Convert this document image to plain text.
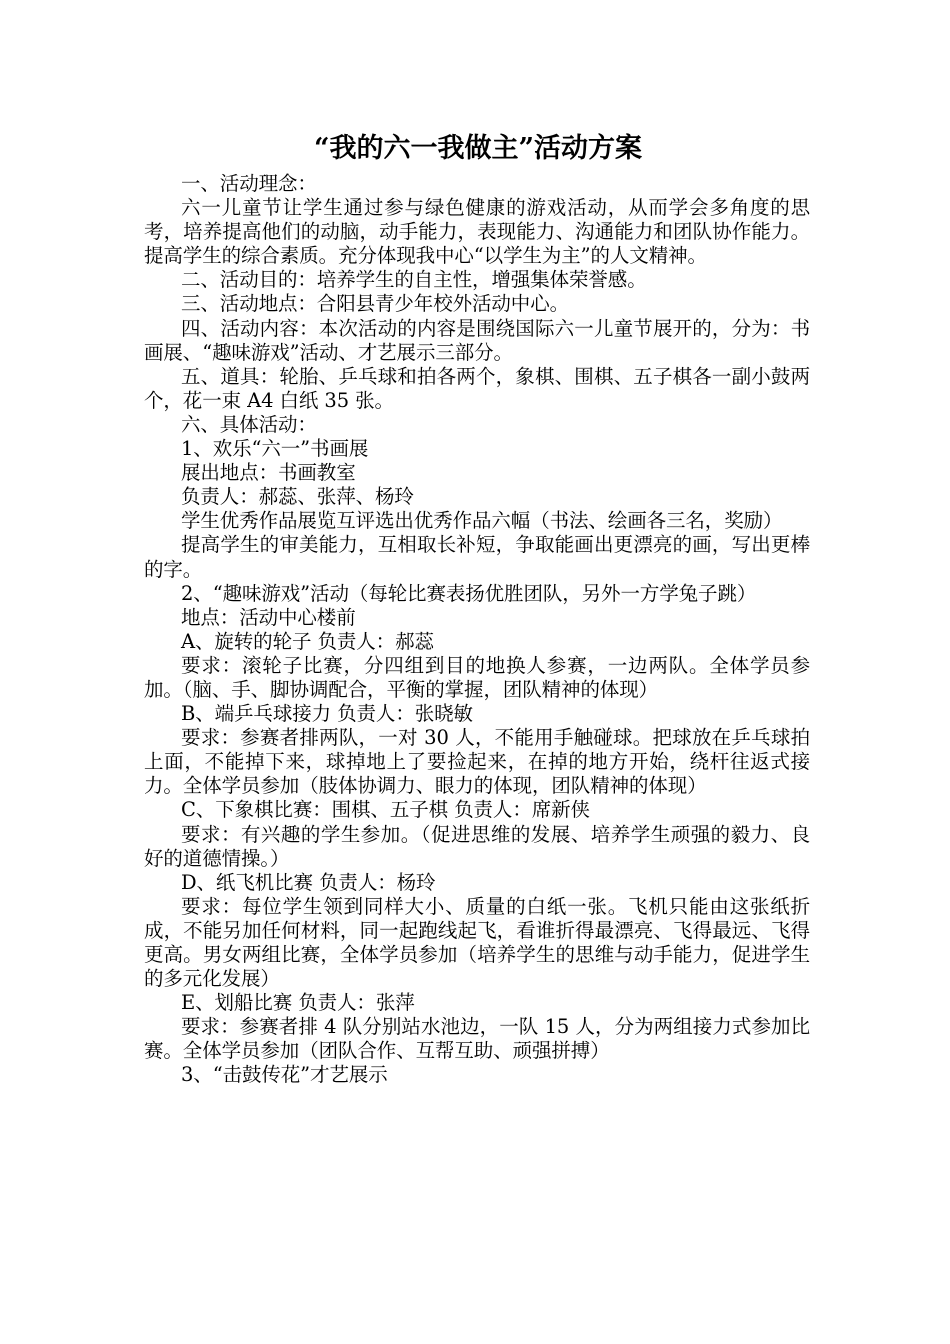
“我的六一我做主”活动方案

一、活动理念：

六一儿童节让学生通过参与绿色健康的游戏活动，从而学会多角度的思考，培养提高他们的动脑，动手能力，表现能力、沟通能力和团队协作能力。提高学生的综合素质。充分体现我中心“以学生为主”的人文精神。

二、活动目的：培养学生的自主性，增强集体荣誉感。

三、活动地点：合阳县青少年校外活动中心。

四、活动内容：本次活动的内容是围绕国际六一儿童节展开的，分为：书画展、“趣味游戏”活动、才艺展示三部分。

五、道具：轮胎、乒乓球和拍各两个，象棋、围棋、五子棋各一副小鼓两个，花一束 A4 白纸 35 张。

六、具体活动：

1、欢乐“六一”书画展

展出地点：书画教室

负责人：郝蕊、张萍、杨玲

学生优秀作品展览互评选出优秀作品六幅（书法、绘画各三名，奖励）

提高学生的审美能力，互相取长补短，争取能画出更漂亮的画，写出更棒的字。

2、“趣味游戏”活动（每轮比赛表扬优胜团队，另外一方学兔子跳）

地点：活动中心楼前

A、旋转的轮子 负责人：郝蕊

要求：滚轮子比赛，分四组到目的地换人参赛，一边两队。全体学员参加。（脑、手、脚协调配合，平衡的掌握，团队精神的体现）

B、端乒乓球接力 负责人：张晓敏

要求：参赛者排两队，一对 30 人，不能用手触碰球。把球放在乒乓球拍上面，不能掉下来，球掉地上了要捡起来，在掉的地方开始，绕杆往返式接力。全体学员参加（肢体协调力、眼力的体现，团队精神的体现）

C、下象棋比赛：围棋、五子棋 负责人：席新侠

要求：有兴趣的学生参加。（促进思维的发展、培养学生顽强的毅力、良好的道德情操。）

D、纸飞机比赛 负责人：杨玲

要求：每位学生领到同样大小、质量的白纸一张。飞机只能由这张纸折成，不能另加任何材料，同一起跑线起飞，看谁折得最漂亮、飞得最远、飞得更高。男女两组比赛，全体学员参加（培养学生的思维与动手能力，促进学生的多元化发展）

E、划船比赛 负责人：张萍

要求：参赛者排 4 队分别站水池边，一队 15 人，分为两组接力式参加比赛。全体学员参加（团队合作、互帮互助、顽强拼搏）

3、“击鼓传花”才艺展示
